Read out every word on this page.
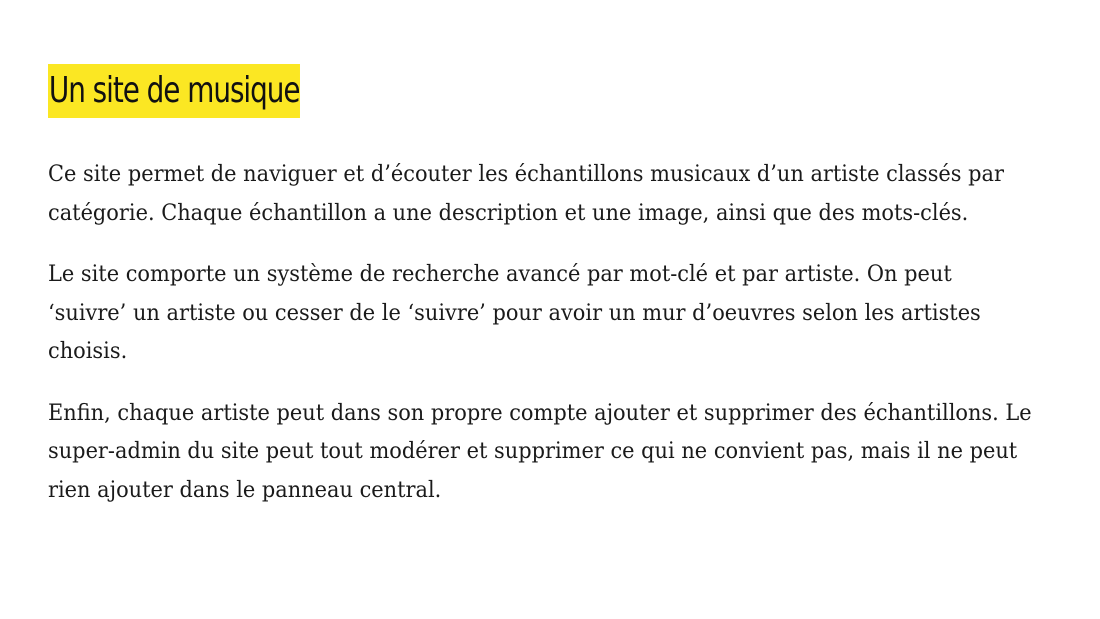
Un site de musique

Ce site permet de naviguer et d’écouter les échantillons musicaux d’un artiste classés par catégorie. Chaque échantillon a une description et une image, ainsi que des mots-clés.

Le site comporte un système de recherche avancé par mot-clé et par artiste. On peut ‘suivre’ un artiste ou cesser de le ‘suivre’ pour avoir un mur d’oeuvres selon les artistes choisis.

Enfin, chaque artiste peut dans son propre compte ajouter et supprimer des échantillons. Le super-admin du site peut tout modérer et supprimer ce qui ne convient pas, mais il ne peut rien ajouter dans le panneau central.
